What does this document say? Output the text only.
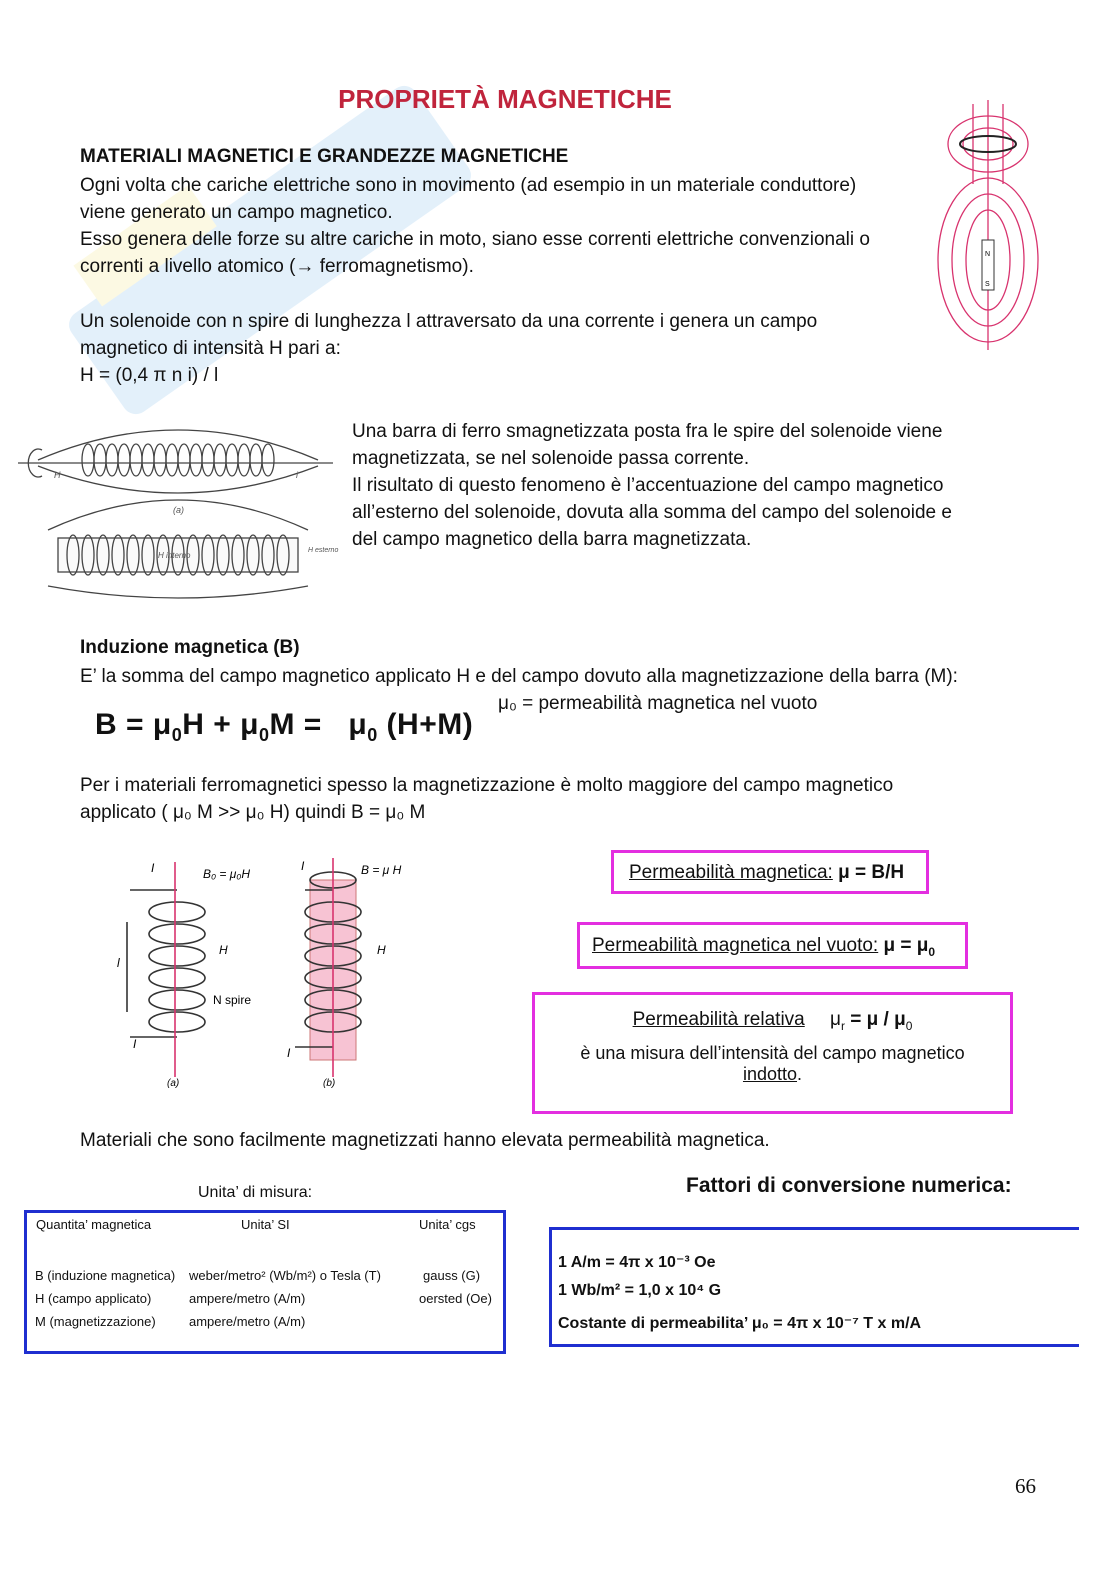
PROPRIETÀ MAGNETICHE
MATERIALI MAGNETICI E GRANDEZZE MAGNETICHE
Ogni volta che cariche elettriche sono in movimento (ad esempio in un materiale conduttore)
viene generato un campo magnetico.
Esso genera delle forze su altre cariche in moto, siano esse correnti elettriche convenzionali o
correnti a livello atomico (→ ferromagnetismo).
N
S
Un solenoide con n spire di lunghezza l attraversato da una corrente i genera un campo
magnetico di intensità H pari a:
H = (0,4 π n i) / l
(a)
H interno
H esterno
i
H
Una barra di ferro smagnetizzata posta fra le spire del solenoide viene
magnetizzata, se nel solenoide passa corrente.
Il risultato di questo fenomeno è l’accentuazione del campo magnetico
all’esterno del solenoide, dovuta alla somma del campo del solenoide e
del campo magnetico della barra magnetizzata.
Induzione magnetica (B)
E’ la somma del campo magnetico applicato H e del campo dovuto alla magnetizzazione della barra (M):
μ₀ = permeabilità magnetica nel vuoto
$B = \mu_0H + \mu_0M = \mu_0$ (H+M)
Per i materiali ferromagnetici spesso la magnetizzazione è molto maggiore del campo magnetico
applicato ( μ₀ M >> μ₀ H) quindi B = μ₀ M
I	B₀ = μ₀H
I	B = μ H
H	H
l
N spire
I
I
(a)	(b)
Permeabilità magnetica: μ = B/H
Permeabilità magnetica nel vuoto: $\mu = \mu_0$
Permeabilità relativa $\mu_r = \mu / \mu_0$
è una misura dell’intensità del campo magnetico
indotto.
Materiali che sono facilmente magnetizzati hanno elevata permeabilità magnetica.
Unita’ di misura:
Quantita’ magnetica	Unita’ SI	Unita’ cgs
B (induzione magnetica) weber/metro² (Wb/m²) o Tesla (T)	gauss (G)
H (campo applicato)	ampere/metro (A/m)	oersted (Oe)
M (magnetizzazione)	ampere/metro (A/m)
Fattori di conversione numerica:
1 A/m = 4π x 10⁻³ Oe
1 Wb/m² = 1,0 x 10⁴ G
Costante di permeabilita’ μ₀ = 4π x 10⁻⁷ T x m/A
66
